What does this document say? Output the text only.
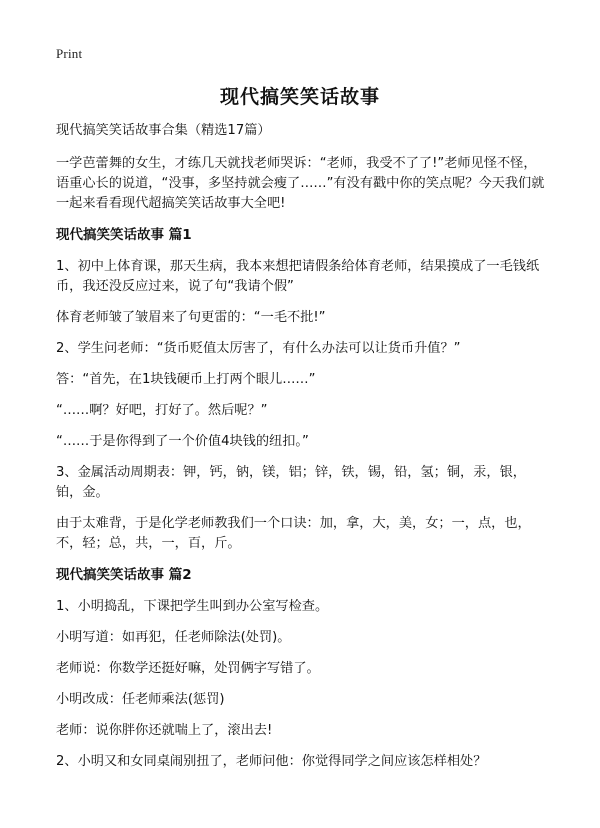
Print
现代搞笑笑话故事

现代搞笑笑话故事合集（精选17篇）

一学芭蕾舞的女生，才练几天就找老师哭诉：“老师，我受不了了!”老师见怪不怪，语重心长的说道，“没事，多坚持就会瘦了……”有没有戳中你的笑点呢？今天我们就一起来看看现代超搞笑笑话故事大全吧!

现代搞笑笑话故事 篇1

1、初中上体育课，那天生病，我本来想把请假条给体育老师，结果摸成了一毛钱纸币，我还没反应过来，说了句“我请个假”

体育老师皱了皱眉来了句更雷的：“一毛不批!”

2、学生问老师：“货币贬值太厉害了，有什么办法可以让货币升值？”

答：“首先，在1块钱硬币上打两个眼儿……”

“……啊？好吧，打好了。然后呢？”

“……于是你得到了一个价值4块钱的纽扣。”

3、金属活动周期表：钾，钙，钠，镁，铝；锌，铁，锡，铅，氢；铜，汞，银，铂，金。

由于太难背，于是化学老师教我们一个口诀：加，拿，大，美，女；一，点，也，不，轻；总，共，一，百，斤。

现代搞笑笑话故事 篇2

1、小明捣乱，下课把学生叫到办公室写检查。

小明写道：如再犯，任老师除法(处罚)。

老师说：你数学还挺好嘛，处罚俩字写错了。

小明改成：任老师乘法(惩罚)

老师：说你胖你还就喘上了，滚出去!

2、小明又和女同桌闹别扭了，老师问他：你觉得同学之间应该怎样相处？
